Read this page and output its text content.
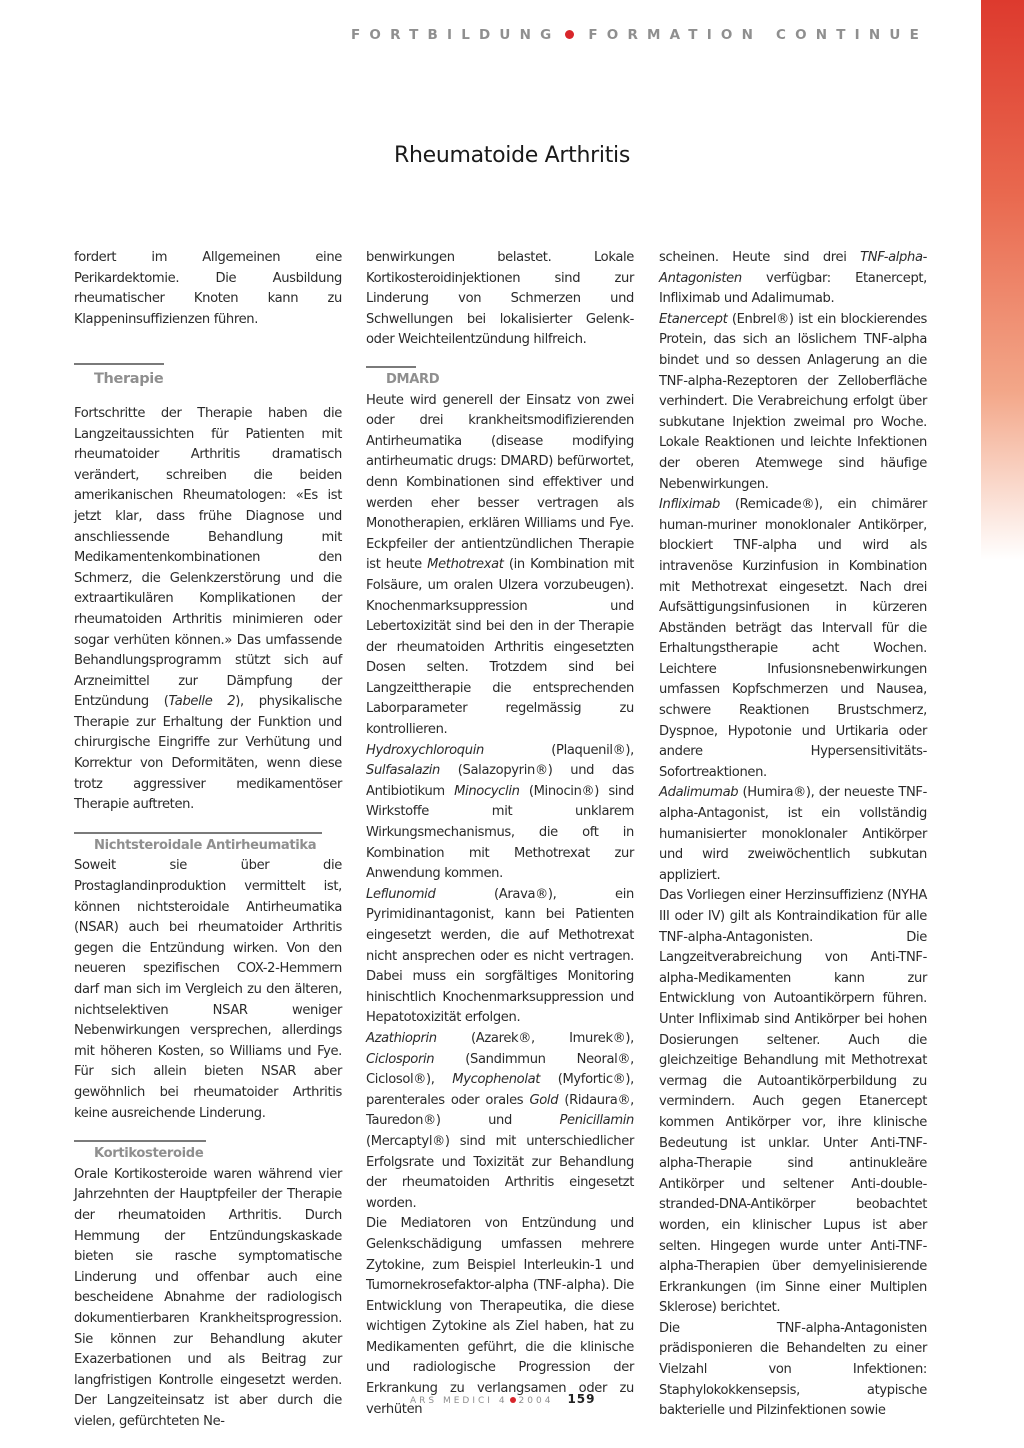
FORTBILDUNG FORMATION CONTINUE
Rheumatoide Arthritis

fordert im Allgemeinen eine Perikardektomie. Die Ausbildung rheumatischer Knoten kann zu Klappeninsuffizienzen führen.

Therapie

Fortschritte der Therapie haben die Langzeitaussichten für Patienten mit rheumatoider Arthritis dramatisch verändert, schreiben die beiden amerikanischen Rheumatologen: «Es ist jetzt klar, dass frühe Diagnose und anschliessende Behandlung mit Medikamentenkombinationen den Schmerz, die Gelenkzerstörung und die extraartikulären Komplikationen der rheumatoiden Arthritis minimieren oder sogar verhüten können.» Das umfassende Behandlungsprogramm stützt sich auf Arzneimittel zur Dämpfung der Entzündung (Tabelle 2), physikalische Therapie zur Erhaltung der Funktion und chirurgische Eingriffe zur Verhütung und Korrektur von Deformitäten, wenn diese trotz aggressiver medikamentöser Therapie auftreten.

Nichtsteroidale Antirheumatika

Soweit sie über die Prostaglandinproduktion vermittelt ist, können nichtsteroidale Antirheumatika (NSAR) auch bei rheumatoider Arthritis gegen die Entzündung wirken. Von den neueren spezifischen COX-2-Hemmern darf man sich im Vergleich zu den älteren, nichtselektiven NSAR weniger Nebenwirkungen versprechen, allerdings mit höheren Kosten, so Williams und Fye. Für sich allein bieten NSAR aber gewöhnlich bei rheumatoider Arthritis keine ausreichende Linderung.

Kortikosteroide

Orale Kortikosteroide waren während vier Jahrzehnten der Hauptpfeiler der Therapie der rheumatoiden Arthritis. Durch Hemmung der Entzündungskaskade bieten sie rasche symptomatische Linderung und offenbar auch eine bescheidene Abnahme der radiologisch dokumentierbaren Krankheitsprogression. Sie können zur Behandlung akuter Exazerbationen und als Beitrag zur langfristigen Kontrolle eingesetzt werden. Der Langzeiteinsatz ist aber durch die vielen, gefürchteten Ne-

benwirkungen belastet. Lokale Kortikosteroidinjektionen sind zur Linderung von Schmerzen und Schwellungen bei lokalisierter Gelenk- oder Weichteilentzündung hilfreich.

DMARD

Heute wird generell der Einsatz von zwei oder drei krankheitsmodifizierenden Antirheumatika (disease modifying antirheumatic drugs: DMARD) befürwortet, denn Kombinationen sind effektiver und werden eher besser vertragen als Monotherapien, erklären Williams und Fye. Eckpfeiler der antientzündlichen Therapie ist heute Methotrexat (in Kombination mit Folsäure, um oralen Ulzera vorzubeugen). Knochenmarksuppression und Lebertoxizität sind bei den in der Therapie der rheumatoiden Arthritis eingesetzten Dosen selten. Trotzdem sind bei Langzeittherapie die entsprechenden Laborparameter regelmässig zu kontrollieren.

Hydroxychloroquin (Plaquenil®), Sulfasalazin (Salazopyrin®) und das Antibiotikum Minocyclin (Minocin®) sind Wirkstoffe mit unklarem Wirkungsmechanismus, die oft in Kombination mit Methotrexat zur Anwendung kommen.

Leflunomid (Arava®), ein Pyrimidinantagonist, kann bei Patienten eingesetzt werden, die auf Methotrexat nicht ansprechen oder es nicht vertragen. Dabei muss ein sorgfältiges Monitoring hinischtlich Knochenmarksuppression und Hepatotoxizität erfolgen.

Azathioprin (Azarek®, Imurek®), Ciclosporin (Sandimmun Neoral®, Ciclosol®), Mycophenolat (Myfortic®), parenterales oder orales Gold (Ridaura®, Tauredon®) und Penicillamin (Mercaptyl®) sind mit unterschiedlicher Erfolgsrate und Toxizität zur Behandlung der rheumatoiden Arthritis eingesetzt worden.

Die Mediatoren von Entzündung und Gelenkschädigung umfassen mehrere Zytokine, zum Beispiel Interleukin-1 und Tumornekrosefaktor-alpha (TNF-alpha). Die Entwicklung von Therapeutika, die diese wichtigen Zytokine als Ziel haben, hat zu Medikamenten geführt, die die klinische und radiologische Progression der Erkrankung zu verlangsamen oder zu verhüten

scheinen. Heute sind drei TNF-alpha-Antagonisten verfügbar: Etanercept, Infliximab und Adalimumab.

Etanercept (Enbrel®) ist ein blockierendes Protein, das sich an löslichem TNF-alpha bindet und so dessen Anlagerung an die TNF-alpha-Rezeptoren der Zelloberfläche verhindert. Die Verabreichung erfolgt über subkutane Injektion zweimal pro Woche. Lokale Reaktionen und leichte Infektionen der oberen Atemwege sind häufige Nebenwirkungen.

Infliximab (Remicade®), ein chimärer human-muriner monoklonaler Antikörper, blockiert TNF-alpha und wird als intravenöse Kurzinfusion in Kombination mit Methotrexat eingesetzt. Nach drei Aufsättigungsinfusionen in kürzeren Abständen beträgt das Intervall für die Erhaltungstherapie acht Wochen. Leichtere Infusionsnebenwirkungen umfassen Kopfschmerzen und Nausea, schwere Reaktionen Brustschmerz, Dyspnoe, Hypotonie und Urtikaria oder andere Hypersensitivitäts-Sofortreaktionen.

Adalimumab (Humira®), der neueste TNF-alpha-Antagonist, ist ein vollständig humanisierter monoklonaler Antikörper und wird zweiwöchentlich subkutan appliziert.

Das Vorliegen einer Herzinsuffizienz (NYHA III oder IV) gilt als Kontraindikation für alle TNF-alpha-Antagonisten. Die Langzeitverabreichung von Anti-TNF-alpha-Medikamenten kann zur Entwicklung von Autoantikörpern führen. Unter Infliximab sind Antikörper bei hohen Dosierungen seltener. Auch die gleichzeitige Behandlung mit Methotrexat vermag die Autoantikörperbildung zu vermindern. Auch gegen Etanercept kommen Antikörper vor, ihre klinische Bedeutung ist unklar. Unter Anti-TNF-alpha-Therapie sind antinukleäre Antikörper und seltener Anti-double-stranded-DNA-Antikörper beobachtet worden, ein klinischer Lupus ist aber selten. Hingegen wurde unter Anti-TNF-alpha-Therapien über demyelinisierende Erkrankungen (im Sinne einer Multiplen Sklerose) berichtet.

Die TNF-alpha-Antagonisten prädisponieren die Behandelten zu einer Vielzahl von Infektionen: Staphylokokkensepsis, atypische bakterielle und Pilzinfektionen sowie

ARS MEDICI 4 2004 159
